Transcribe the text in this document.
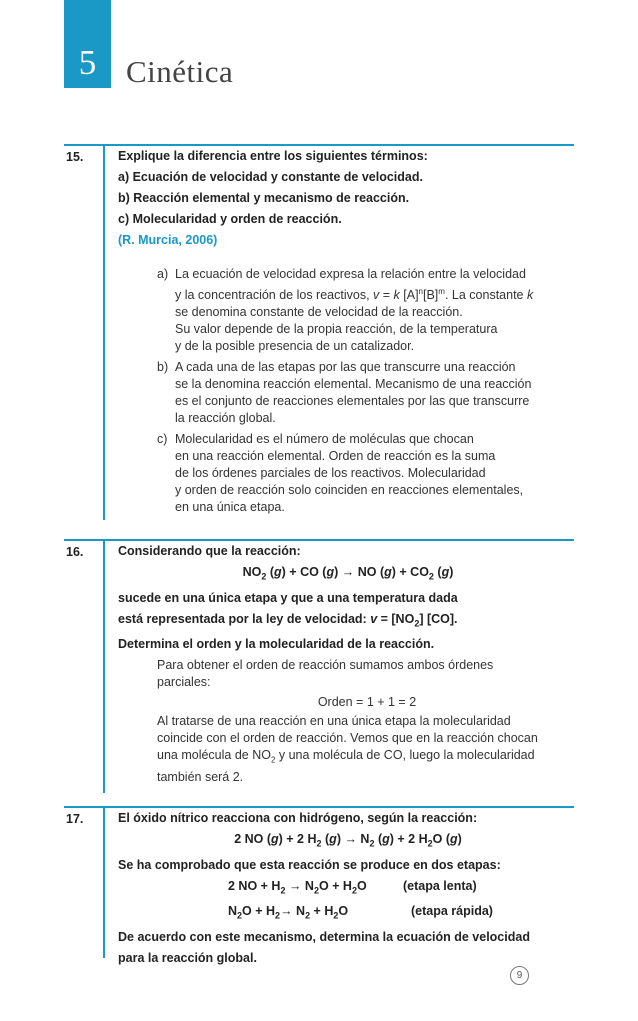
5 Cinética
15.	Explique la diferencia entre los siguientes términos:
a) Ecuación de velocidad y constante de velocidad.
b) Reacción elemental y mecanismo de reacción.
c) Molecularidad y orden de reacción.
(R. Murcia, 2006)
a) La ecuación de velocidad expresa la relación entre la velocidad
y la concentración de los reactivos, v = k $[A]^n[B]^m$. La constante k
se denomina constante de velocidad de la reacción.
Su valor depende de la propia reacción, de la temperatura
y de la posible presencia de un catalizador.
b) A cada una de las etapas por las que transcurre una reacción
se la denomina reacción elemental. Mecanismo de una reacción
es el conjunto de reacciones elementales por las que transcurre
la reacción global.
c) Molecularidad es el número de moléculas que chocan
en una reacción elemental. Orden de reacción es la suma
de los órdenes parciales de los reactivos. Molecularidad
y orden de reacción solo coinciden en reacciones elementales,
en una única etapa.
16.	Considerando que la reacción:
$NO_2$ (g) + CO (g) → NO $(g) + CO_2$ (g)
sucede en una única etapa y que a una temperatura dada
está representada por la ley de velocidad: $v = [NO_2]$ [CO].
Determina el orden y la molecularidad de la reacción.
Para obtener el orden de reacción sumamos ambos órdenes
parciales:
Orden = 1 + 1 = 2
Al tratarse de una reacción en una única etapa la molecularidad
coincide con el orden de reacción. Vemos que en la reacción chocan
una molécula de $NO_2$ y una molécula de CO, luego la molecularidad
también será 2.
17.	El óxido nítrico reacciona con hidrógeno, según la reacción:
2 NO (g) + 2 $H_2$ $(g) \to N_2$ (g) + 2 $H_2O$ (g)
Se ha comprobado que esta reacción se produce en dos etapas:
2 NO + $H_2 \to N_2O + H_2O$	(etapa lenta)
$N_2O + H_2\to N_2 + H_2O$	(etapa rápida)
De acuerdo con este mecanismo, determina la ecuación de velocidad
para la reacción global.
9
